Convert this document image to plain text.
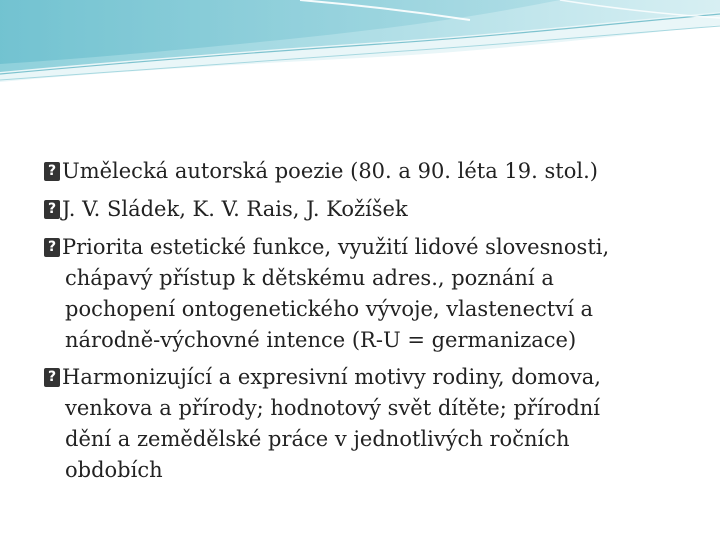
?Umělecká autorská poezie (80. a 90. léta 19. stol.)
?J. V. Sládek, K. V. Rais, J. Kožíšek
?Priorita estetické funkce, využití lidové slovesnosti,
chápavý přístup k dětskému adres., poznání a
pochopení ontogenetického vývoje, vlastenectví a
národně-výchovné intence (R-U = germanizace)
?Harmonizující a expresivní motivy rodiny, domova,
venkova a přírody; hodnotový svět dítěte; přírodní
dění a zemědělské práce v jednotlivých ročních
obdobích
